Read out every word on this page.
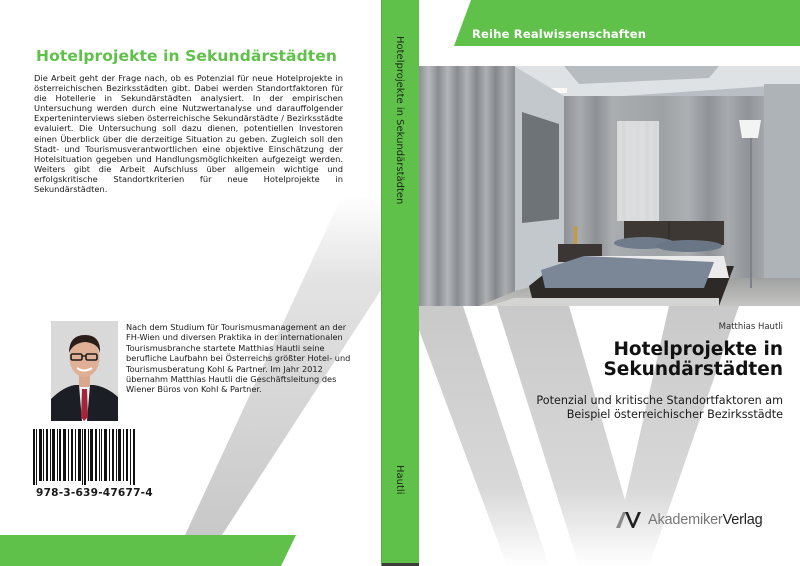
Hotelprojekte in Sekundärstädten
Die Arbeit geht der Frage nach, ob es Potenzial für neue Hotelprojekte in österreichischen Bezirksstädten gibt. Dabei werden Standortfaktoren für die Hotellerie in Sekundärstädten analysiert. In der empirischen Untersuchung werden durch eine Nutzwertanalyse und darauffolgender Experteninterviews sieben österreichische Sekundärstädte / Bezirksstädte evaluiert. Die Untersuchung soll dazu dienen, potentiellen Investoren einen Überblick über die derzeitige Situation zu geben. Zugleich soll den Stadt- und Tourismusverantwortlichen eine objektive Einschätzung der Hotelsituation gegeben und Handlungsmöglichkeiten aufgezeigt werden. Weiters gibt die Arbeit Aufschluss über allgemein wichtige und erfolgskritische Standortkriterien für neue Hotelprojekte in Sekundärstädten.
Nach dem Studium für Tourismusmanagement an der FH-Wien und diversen Praktika in der internationalen Tourismusbranche startete Matthias Hautli seine berufliche Laufbahn bei Österreichs größter Hotel- und Tourismusberatung Kohl & Partner. Im Jahr 2012 übernahm Matthias Hautli die Geschäftsleitung des Wiener Büros von Kohl & Partner.
978-3-639-47677-4
Hotelprojekte in Sekundärstädten
Hautli
Reihe Realwissenschaften
Matthias Hautli
Hotelprojekte in
Sekundärstädten
Potenzial und kritische Standortfaktoren am
Beispiel österreichischer Bezirksstädte
AkademikerVerlag
